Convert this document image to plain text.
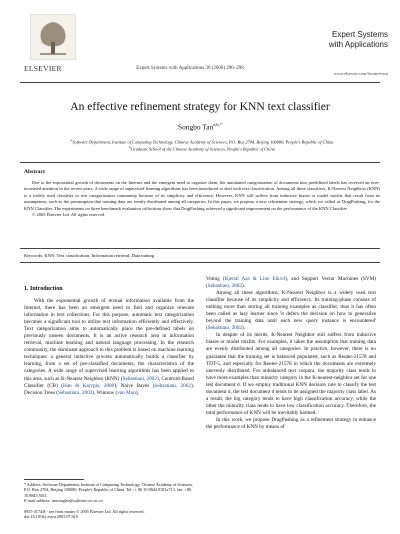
ELSEVIER	Expert Systems with Applications 30 (2006) 290–298
Expert Systems
with Applications
www.elsevier.com/locate/eswa
An effective refinement strategy for KNN text classifier
Songbo Tan$^{a,b,*}$
$^a$Software Department, Institute of Computing Technology, Chinese Academy of Sciences, P.O. Box 2704, Beijing 100080, People's Republic of China
$^b$Graduate School of the Chinese Academy of Sciences, People's Republic of China
Abstract
Due to the exponential growth of documents on the Internet and the emergent need to organize them, the automated categorization of documents into predefined labels has received an ever-increased attention in the recent years. A wide range of supervised learning algorithms has been introduced to deal with text classification. Among all these classifiers, K-Nearest Neighbors (KNN) is a widely used classifier in text categorization community because of its simplicity and efficiency. However, KNN still suffers from inductive biases or model misfits that result from its assumptions, such as the presumption that training data are evenly distributed among all categories. In this paper, we propose a new refinement strategy, which we called as DragPushing, for the KNN Classifier. The experiments on three benchmark evaluation collections show that DragPushing achieved a significant improvement on the performance of the KNN Classifier.
© 2005 Elsevier Ltd. All rights reserved.
Keywords: KNN; Text classification; Information retrieval; Data mining
1. Introduction

With the exponential growth of textual information available from the Internet, there has been an emergent need to find and organize relevant information in text collections. For this purpose, automatic text categorization becomes a significant tool to utilize text information efficiently and effectively. Text categorization aims to automatically place the pre-defined labels on previously unseen documents. It is an active research area in information retrieval, machine learning and natural language processing. In the research community, the dominant approach to this problem is based on machine learning techniques: a general inductive process automatically builds a classifier by learning, from a set of pre-classified documents, the characteristics of the categories. A wide range of supervised learning algorithms has been applied to this area, such as K-Nearest Neighbor (KNN) (Sebastiani, 2002), Centroid-Based Classifier (CB) (Han & Karypis, 2000), Naive Bayes (Sebastiani, 2002), Decision Trees (Sebastiani, 2002), Winnow (van Mun),

* Address: Software Department, Institute of Computing Technology, Chinese Academy of Sciences, P.O. Box 2704, Beijing 100080, People's Republic of China. Tel.: + 86 10 8844 9181x713; fax: +86 10 8845 5011.
E-mail address: tansongbo@software.ict.ac.cn
0957-4174/$ - see front matter © 2005 Elsevier Ltd. All rights reserved.
doi:10.1016/j.eswa.2005.07.019

Voting (Kjersti Aas & Line Eikvil), and Support Vector Machines (SVM) (Sebastiani, 2002).

Among all these algorithms, K-Nearest Neighbor is a widely used text classifier because of its simplicity and efficiency. Its training-phase consists of nothing more than storing all training examples as classifier, thus it has often been called as lazy learner since 'it defers the decision on how to generalize beyond the training data until each new query instance is encountered' (Sebastiani, 2002).

In despite of its merits, K-Nearest Neighbor still suffers from inductive biases or model misfits. For examples, it takes the assumption that training data are evenly distributed among all categories. In practice, however, there is no guarantee that the training set is balanced populated, such as Reuter-21578 and TDT-5, and especially for Reuter-21578 in which the documents are extremely unevenly distributed. For unbalanced text corpora, the majority class tends to have more examples than minority category in the K-nearest-neighbor set for one test document d. If we employ traditional KNN decision rule to classify the test document d, the test document d tends to be assigned the majority class label. As a result, the big category tends to have high classification accuracy, while the other the minority class tends to have low classification accuracy. Therefore, the total performance of KNN will be inevitably harmed.

In this work, we propose DragPushing as a refinement strategy to enhance the performance of KNN by means of
